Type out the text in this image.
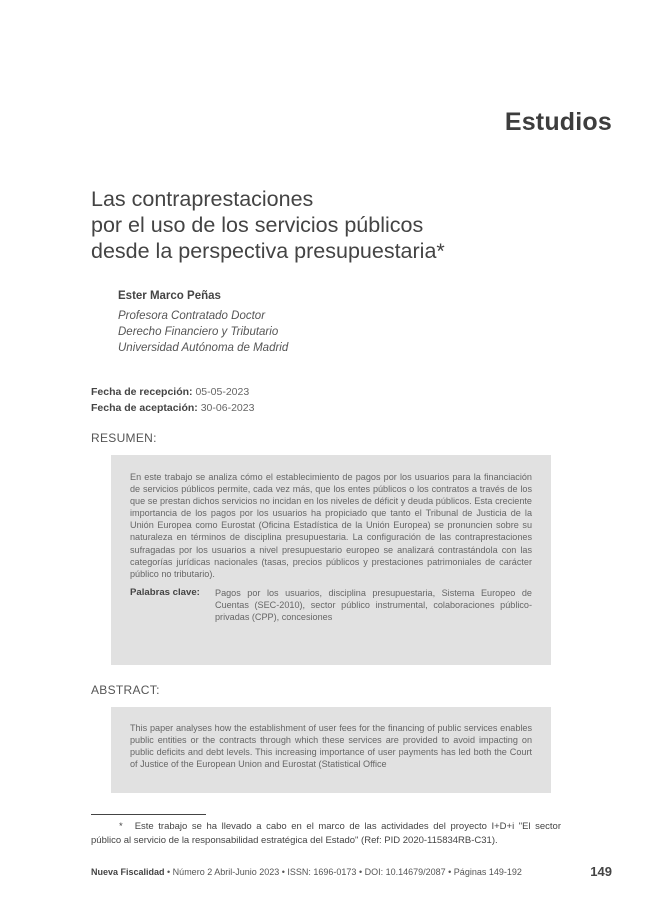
Estudios
Las contraprestaciones
por el uso de los servicios públicos
desde la perspectiva presupuestaria*
Ester Marco Peñas
Profesora Contratado Doctor
Derecho Financiero y Tributario
Universidad Autónoma de Madrid
Fecha de recepción: 05-05-2023
Fecha de aceptación: 30-06-2023
RESUMEN:

En este trabajo se analiza cómo el establecimiento de pagos por los usuarios para la financiación de servicios públicos permite, cada vez más, que los entes públicos o los contratos a través de los que se prestan dichos servicios no incidan en los niveles de déficit y deuda públicos. Esta creciente importancia de los pagos por los usuarios ha propiciado que tanto el Tribunal de Justicia de la Unión Europea como Eurostat (Oficina Estadística de la Unión Europea) se pronuncien sobre su naturaleza en términos de disciplina presupuestaria. La configuración de las contraprestaciones sufragadas por los usuarios a nivel presupuestario europeo se analizará contrastándola con las categorías jurídicas nacionales (tasas, precios públicos y prestaciones patrimoniales de carácter público no tributario).

Palabras clave:	Pagos por los usuarios, disciplina presupuestaria, Sistema Europeo de Cuentas (SEC-2010), sector público instrumental, colaboraciones público-privadas (CPP), concesiones
ABSTRACT:

This paper analyses how the establishment of user fees for the financing of public services enables public entities or the contracts through which these services are provided to avoid impacting on public deficits and debt levels. This increasing importance of user payments has led both the Court of Justice of the European Union and Eurostat (Statistical Office

* Este trabajo se ha llevado a cabo en el marco de las actividades del proyecto I+D+i "El sector público al servicio de la responsabilidad estratégica del Estado" (Ref: PID 2020-115834RB-C31).
Nueva Fiscalidad • Número 2 Abril-Junio 2023 • ISSN: 1696-0173 • DOI: 10.14679/2087 • Páginas 149-192	149
